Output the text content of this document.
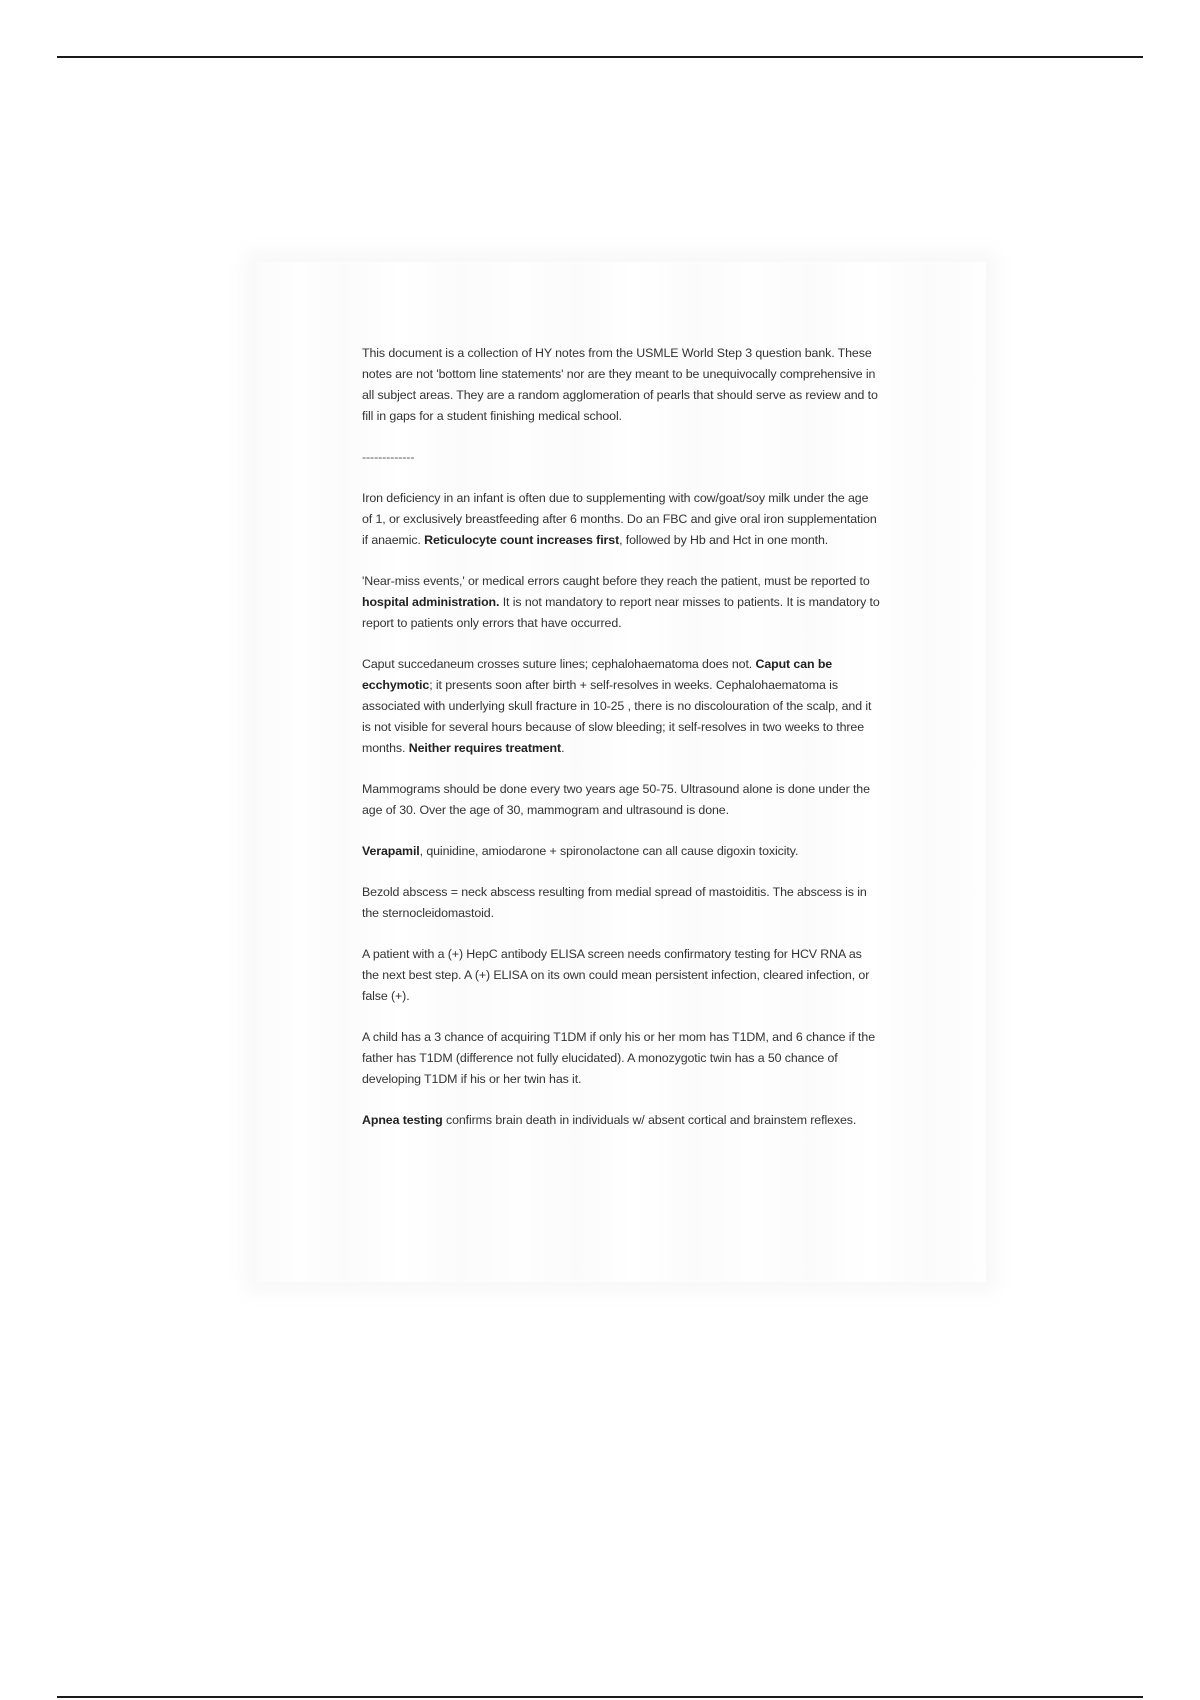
This document is a collection of HY notes from the USMLE World Step 3 question bank. These notes are not 'bottom line statements' nor are they meant to be unequivocally comprehensive in all subject areas. They are a random agglomeration of pearls that should serve as review and to fill in gaps for a student finishing medical school.

-------------

Iron deficiency in an infant is often due to supplementing with cow/goat/soy milk under the age of 1, or exclusively breastfeeding after 6 months. Do an FBC and give oral iron supplementation if anaemic. Reticulocyte count increases first, followed by Hb and Hct in one month.

'Near-miss events,' or medical errors caught before they reach the patient, must be reported to hospital administration. It is not mandatory to report near misses to patients. It is mandatory to report to patients only errors that have occurred.

Caput succedaneum crosses suture lines; cephalohaematoma does not. Caput can be ecchymotic; it presents soon after birth + self-resolves in weeks. Cephalohaematoma is associated with underlying skull fracture in 10-25 , there is no discolouration of the scalp, and it is not visible for several hours because of slow bleeding; it self-resolves in two weeks to three months. Neither requires treatment.

Mammograms should be done every two years age 50-75. Ultrasound alone is done under the age of 30. Over the age of 30, mammogram and ultrasound is done.

Verapamil, quinidine, amiodarone + spironolactone can all cause digoxin toxicity.

Bezold abscess = neck abscess resulting from medial spread of mastoiditis. The abscess is in the sternocleidomastoid.

A patient with a (+) HepC antibody ELISA screen needs confirmatory testing for HCV RNA as the next best step. A (+) ELISA on its own could mean persistent infection, cleared infection, or false (+).

A child has a 3 chance of acquiring T1DM if only his or her mom has T1DM, and 6 chance if the father has T1DM (difference not fully elucidated). A monozygotic twin has a 50 chance of developing T1DM if his or her twin has it.

Apnea testing confirms brain death in individuals w/ absent cortical and brainstem reflexes.
